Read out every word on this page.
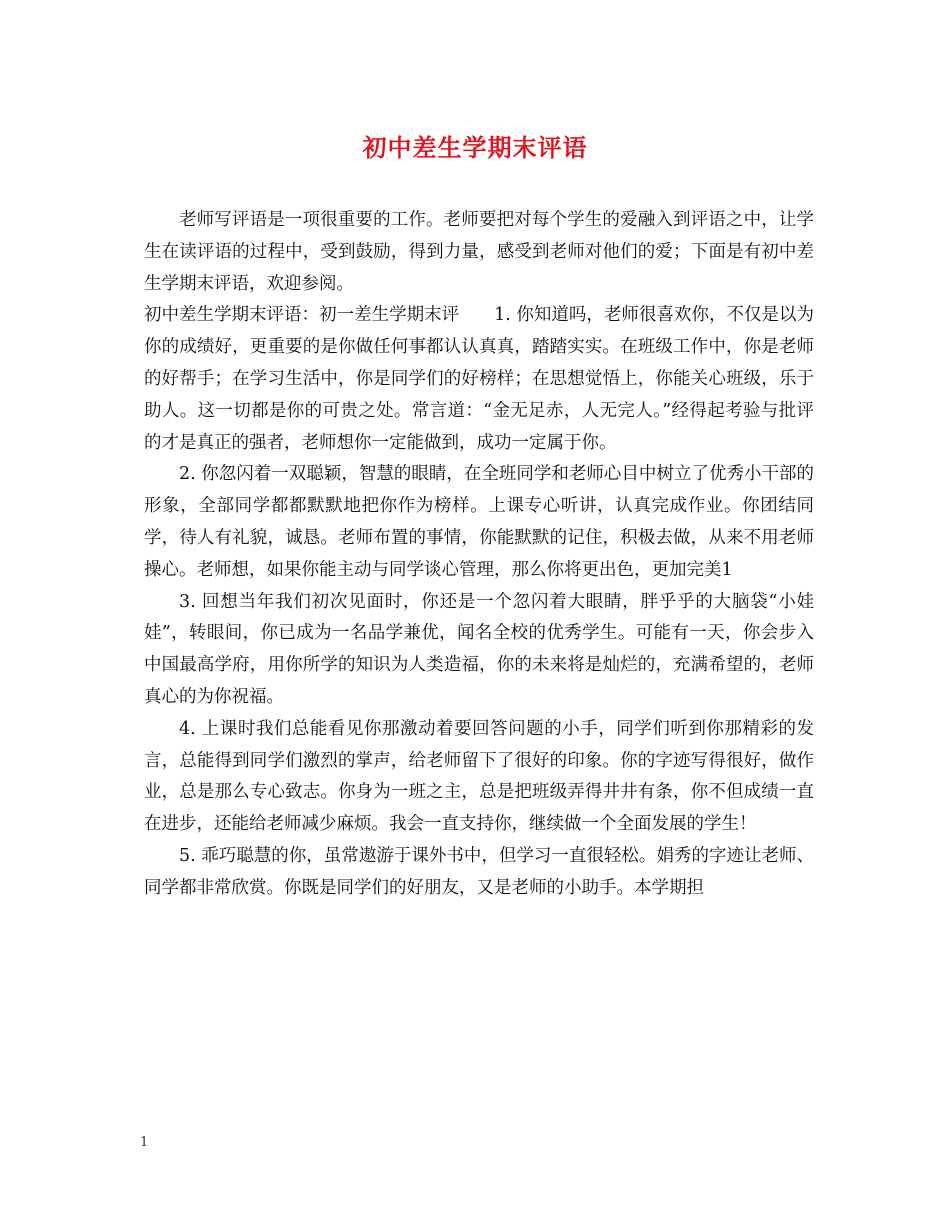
初中差生学期末评语

老师写评语是一项很重要的工作。老师要把对每个学生的爱融入到评语之中，让学生在读评语的过程中，受到鼓励，得到力量，感受到老师对他们的爱；下面是有初中差生学期末评语，欢迎参阅。

初中差生学期末评语：初一差生学期末评　　1. 你知道吗，老师很喜欢你，不仅是以为你的成绩好，更重要的是你做任何事都认认真真，踏踏实实。在班级工作中，你是老师的好帮手；在学习生活中，你是同学们的好榜样；在思想觉悟上，你能关心班级，乐于助人。这一切都是你的可贵之处。常言道：“金无足赤，人无完人。”经得起考验与批评的才是真正的强者，老师想你一定能做到，成功一定属于你。

2. 你忽闪着一双聪颖，智慧的眼睛，在全班同学和老师心目中树立了优秀小干部的形象，全部同学都都默默地把你作为榜样。上课专心听讲，认真完成作业。你团结同学，待人有礼貌，诚恳。老师布置的事情，你能默默的记住，积极去做，从来不用老师操心。老师想，如果你能主动与同学谈心管理，那么你将更出色，更加完美1

3. 回想当年我们初次见面时，你还是一个忽闪着大眼睛，胖乎乎的大脑袋“小娃娃”，转眼间，你已成为一名品学兼优，闻名全校的优秀学生。可能有一天，你会步入中国最高学府，用你所学的知识为人类造福，你的未来将是灿烂的，充满希望的，老师真心的为你祝福。

4. 上课时我们总能看见你那激动着要回答问题的小手，同学们听到你那精彩的发言，总能得到同学们激烈的掌声，给老师留下了很好的印象。你的字迹写得很好，做作业，总是那么专心致志。你身为一班之主，总是把班级弄得井井有条，你不但成绩一直在进步，还能给老师减少麻烦。我会一直支持你，继续做一个全面发展的学生！

5. 乖巧聪慧的你，虽常遨游于课外书中，但学习一直很轻松。娟秀的字迹让老师、同学都非常欣赏。你既是同学们的好朋友，又是老师的小助手。本学期担

1
